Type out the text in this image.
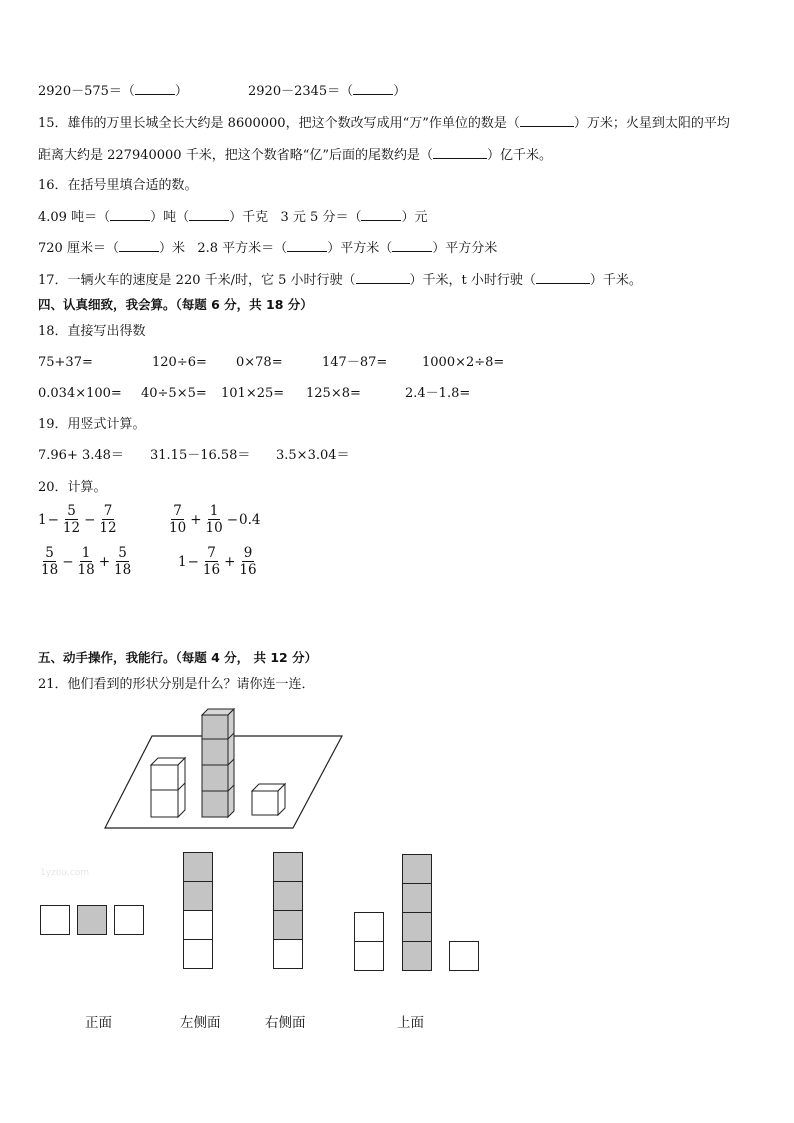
2920－575＝（	）	2920－2345＝（	）
15．雄伟的万里长城全长大约是 8600000，把这个数改写成用“万”作单位的数是（	）万米；火星到太阳的平均
距离大约是 227940000 千米，把这个数省略“亿”后面的尾数约是（	）亿千米。
16．在括号里填合适的数。
4.09 吨＝（	）吨（	）千克 3 元 5 分＝（	）元
720 厘米＝（	）米 2.8 平方米＝（	）平方米（	）平方分米
17．一辆火车的速度是 220 千米/时，它 5 小时行驶（	）千米，t 小时行驶（	）千米。
四、认真细致，我会算。（每题 6 分，共 18 分）
18．直接写出得数
75+37=	120÷6= 0×78=	147－87=	1000×2÷8=
0.034×100= 40÷5×5= 101×25= 125×8=	2.4－1.8=
19．用竖式计算。
7.96+ 3.48＝ 31.15－16.58＝ 3.5×3.04＝
20．计算。
$1 - \frac{5}{12} - \frac{7}{12}$	$\frac{7}{10} + \frac{1}{10} - 0.4$
$\frac{5}{18} - \frac{1}{18} + \frac{5}{18}$	$1 - \frac{7}{16} + \frac{9}{16}$
五、动手操作，我能行。（每题 4 分， 共 12 分）
21．他们看到的形状分别是什么？请你连一连．
1yzou.com
正面	左侧面	右侧面	上面
